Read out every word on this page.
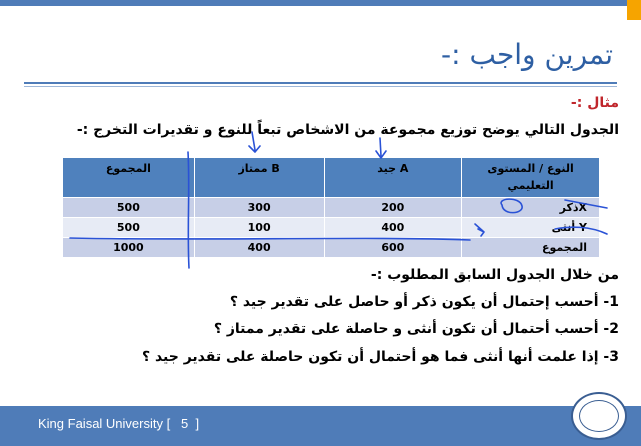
تمرين واجب :-
مثال :-
الجدول التالي يوضح توزيع مجموعة من الاشخاص تبعاً للنوع و تقديرات التخرج :-
المجموع	ممتاز B	جيد A	النوع / المستوى
التعليمي

500	300	200	ذكرX
500	100	400	أنثى Y
1000	400	600	المجموع
من خلال الجدول السابق المطلوب :-
1- أحسب إحتمال أن يكون ذكر أو حاصل على تقدير جيد ؟
2- أحسب أحتمال أن تكون أنثى و حاصلة على تقدير ممتاز ؟
3- إذا علمت أنها أنثى فما هو أحتمال أن تكون حاصلة على تقدير جيد ؟
King Faisal University [   5  ]
